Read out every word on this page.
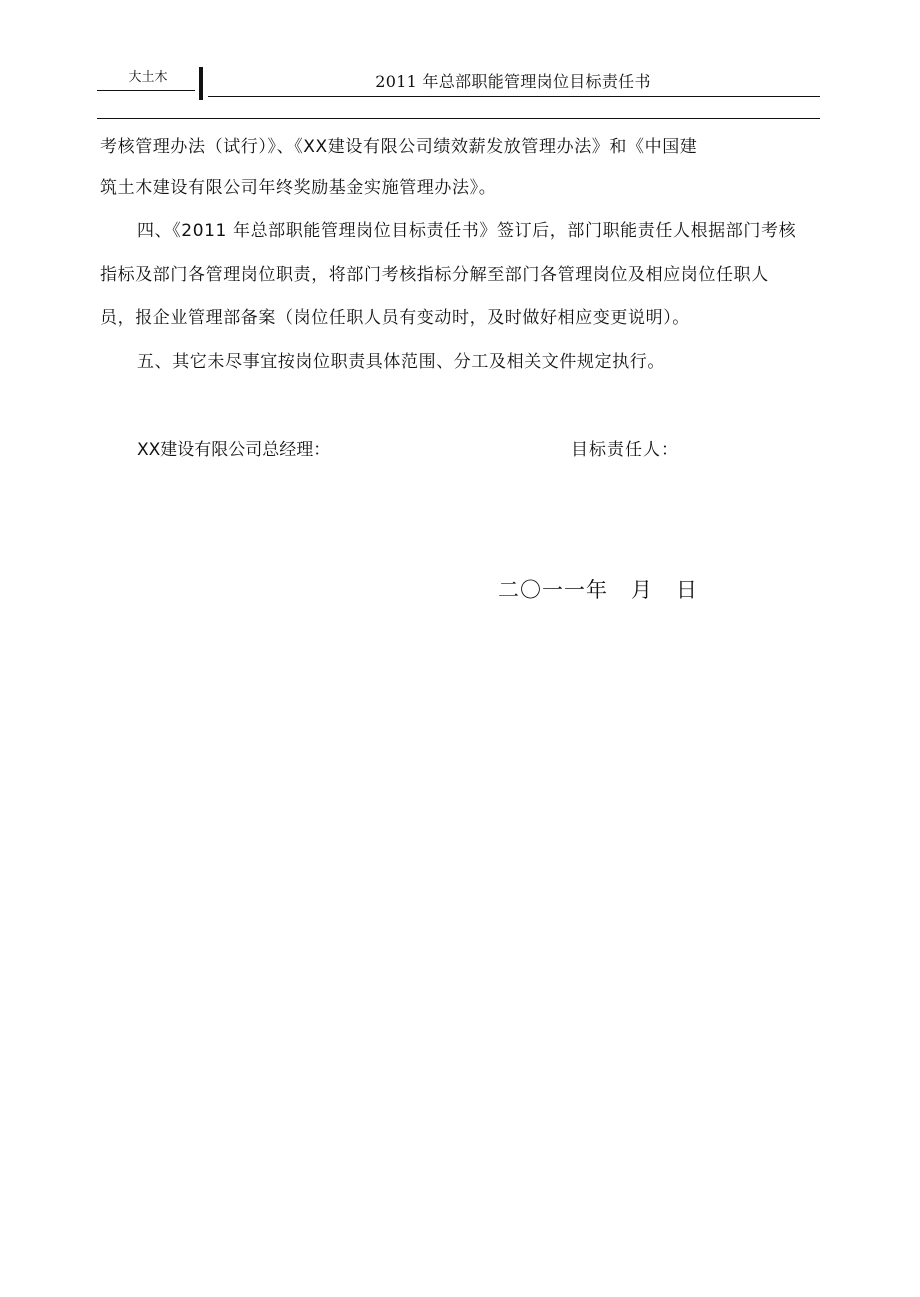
大土木	2011 年总部职能管理岗位目标责任书
考核管理办法（试行）》、《XX建设有限公司绩效薪发放管理办法》和《中国建
筑土木建设有限公司年终奖励基金实施管理办法》。
四、《2011 年总部职能管理岗位目标责任书》签订后，部门职能责任人根据部门考核
指标及部门各管理岗位职责，将部门考核指标分解至部门各管理岗位及相应岗位任职人
员，报企业管理部备案（岗位任职人员有变动时，及时做好相应变更说明）。
五、其它未尽事宜按岗位职责具体范围、分工及相关文件规定执行。
XX建设有限公司总经理：	目标责任人：
二〇一一年   月   日
